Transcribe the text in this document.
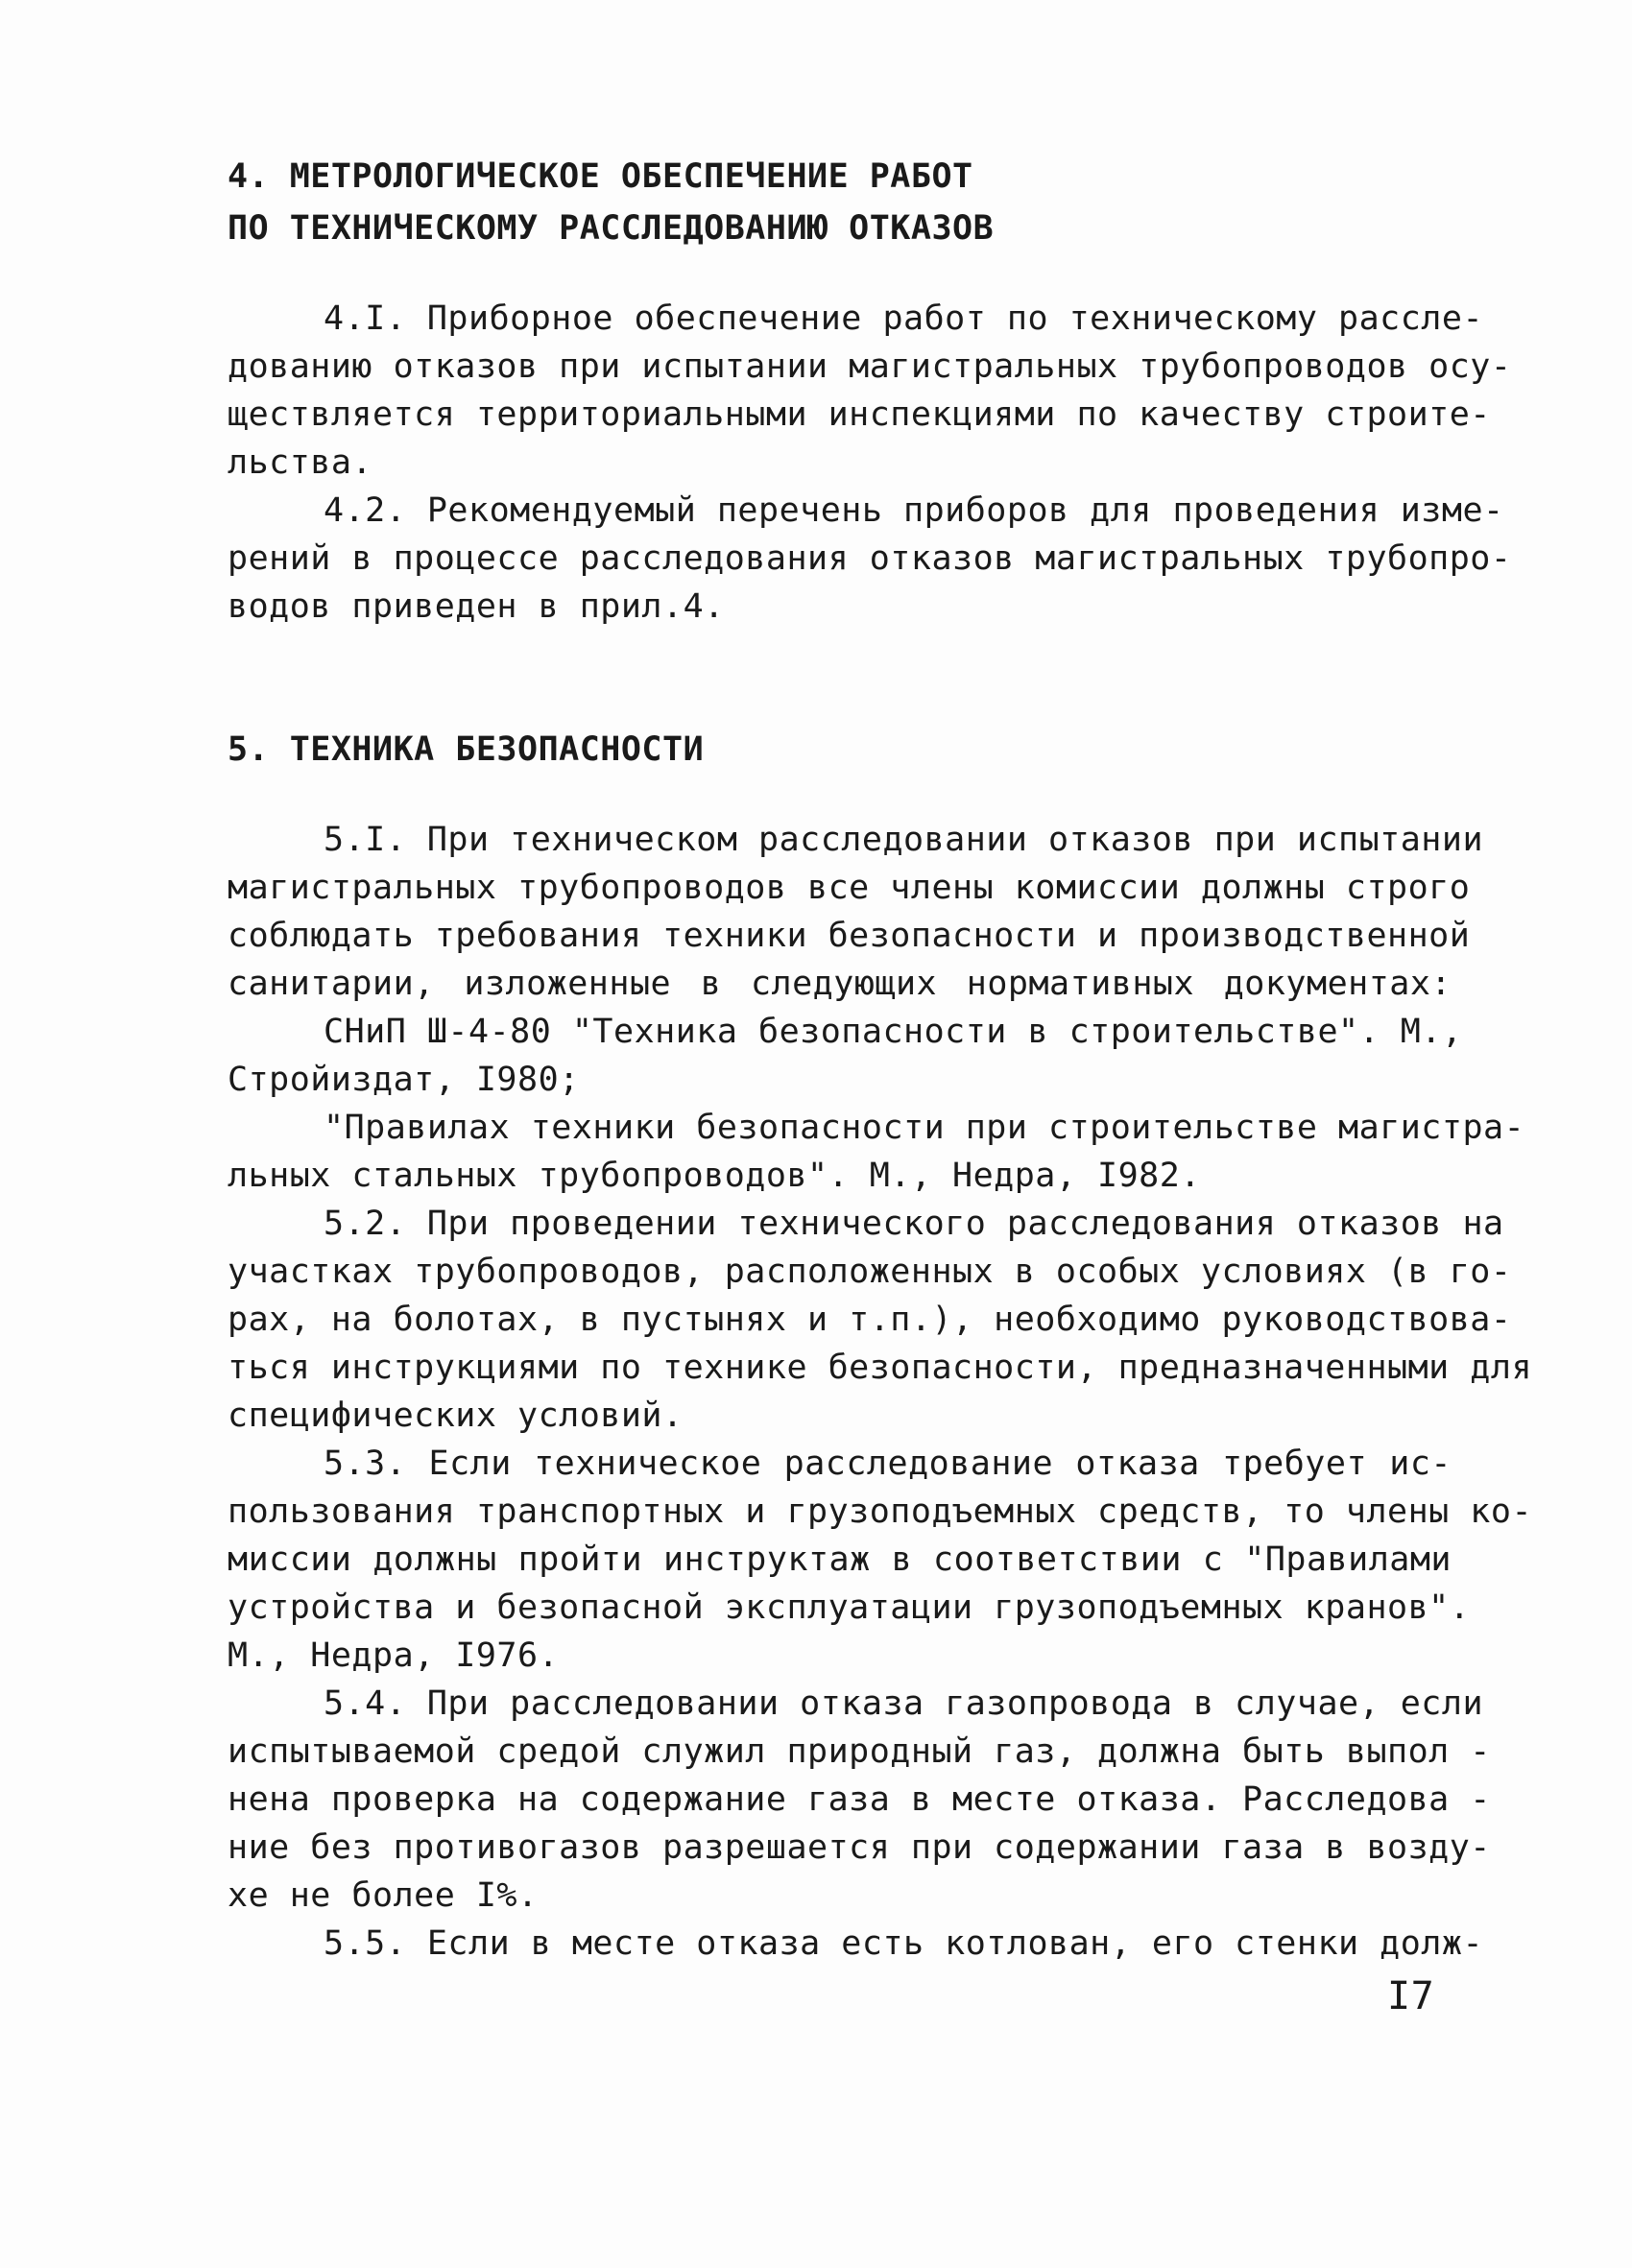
4. МЕТРОЛОГИЧЕСКОЕ ОБЕСПЕЧЕНИЕ РАБОТ
ПО ТЕХНИЧЕСКОМУ РАССЛЕДОВАНИЮ ОТКАЗОВ
4.I. Приборное обеспечение работ по техническому рассле-
дованию отказов при испытании магистральных трубопроводов осу-
ществляется территориальными инспекциями по качеству строите-
льства.
4.2. Рекомендуемый перечень приборов для проведения изме-
рений в процессе расследования отказов магистральных трубопро-
водов приведен в прил.4.
5. ТЕХНИКА БЕЗОПАСНОСТИ
5.I. При техническом расследовании отказов при испытании
магистральных трубопроводов все члены комиссии должны строго
соблюдать требования техники безопасности и производственной
санитарии, изложенные в следующих нормативных документах:
СНиП Ш-4-80 "Техника безопасности в строительстве". М.,
Стройиздат, I980;
"Правилах техники безопасности при строительстве магистра-
льных стальных трубопроводов". М., Недра, I982.
5.2. При проведении технического расследования отказов на
участках трубопроводов, расположенных в особых условиях (в го-
рах, на болотах, в пустынях и т.п.), необходимо руководствова-
ться инструкциями по технике безопасности, предназначенными для
специфических условий.
5.3. Если техническое расследование отказа требует ис-
пользования транспортных и грузоподъемных средств, то члены ко-
миссии должны пройти инструктаж в соответствии с "Правилами
устройства и безопасной эксплуатации грузоподъемных кранов".
М., Недра, I976.
5.4. При расследовании отказа газопровода в случае, если
испытываемой средой служил природный газ, должна быть выпол -
нена проверка на содержание газа в месте отказа. Расследова -
ние без противогазов разрешается при содержании газа в возду-
хе не более I%.
5.5. Если в месте отказа есть котлован, его стенки долж-
I7
